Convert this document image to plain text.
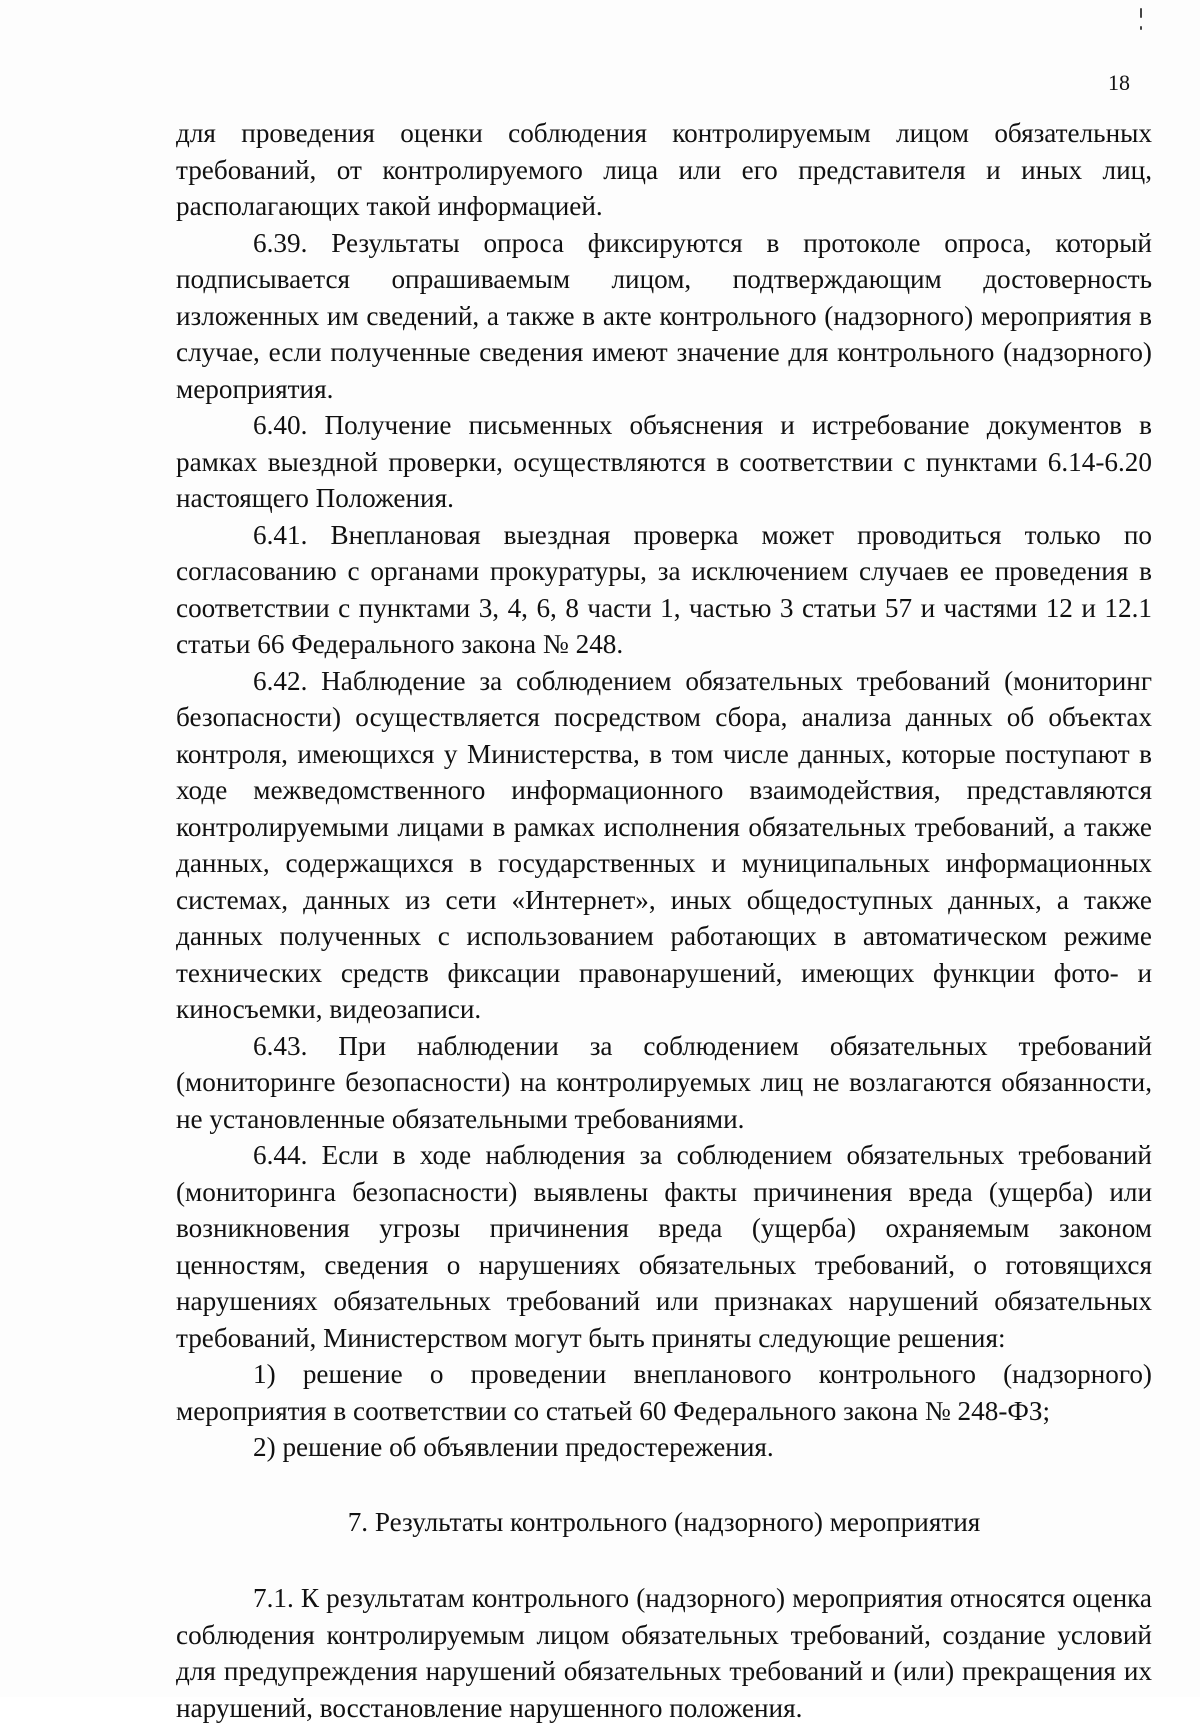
18

для проведения оценки соблюдения контролируемым лицом обязательных требований, от контролируемого лица или его представителя и иных лиц, располагающих такой информацией.

6.39. Результаты опроса фиксируются в протоколе опроса, который подписывается опрашиваемым лицом, подтверждающим достоверность изложенных им сведений, а также в акте контрольного (надзорного) мероприятия в случае, если полученные сведения имеют значение для контрольного (надзорного) мероприятия.

6.40. Получение письменных объяснения и истребование документов в рамках выездной проверки, осуществляются в соответствии с пунктами 6.14-6.20 настоящего Положения.

6.41. Внеплановая выездная проверка может проводиться только по согласованию с органами прокуратуры, за исключением случаев ее проведения в соответствии с пунктами 3, 4, 6, 8 части 1, частью 3 статьи 57 и частями 12 и 12.1 статьи 66 Федерального закона № 248.

6.42. Наблюдение за соблюдением обязательных требований (мониторинг безопасности) осуществляется посредством сбора, анализа данных об объектах контроля, имеющихся у Министерства, в том числе данных, которые поступают в ходе межведомственного информационного взаимодействия, представляются контролируемыми лицами в рамках исполнения обязательных требований, а также данных, содержащихся в государственных и муниципальных информационных системах, данных из сети «Интернет», иных общедоступных данных, а также данных полученных с использованием работающих в автоматическом режиме технических средств фиксации правонарушений, имеющих функции фото- и киносъемки, видеозаписи.

6.43. При наблюдении за соблюдением обязательных требований (мониторинге безопасности) на контролируемых лиц не возлагаются обязанности, не установленные обязательными требованиями.

6.44. Если в ходе наблюдения за соблюдением обязательных требований (мониторинга безопасности) выявлены факты причинения вреда (ущерба) или возникновения угрозы причинения вреда (ущерба) охраняемым законом ценностям, сведения о нарушениях обязательных требований, о готовящихся нарушениях обязательных требований или признаках нарушений обязательных требований, Министерством могут быть приняты следующие решения:

1) решение о проведении внепланового контрольного (надзорного) мероприятия в соответствии со статьей 60 Федерального закона № 248-ФЗ;

2) решение об объявлении предостережения.

7. Результаты контрольного (надзорного) мероприятия

7.1. К результатам контрольного (надзорного) мероприятия относятся оценка соблюдения контролируемым лицом обязательных требований, создание условий для предупреждения нарушений обязательных требований и (или) прекращения их нарушений, восстановление нарушенного положения.
